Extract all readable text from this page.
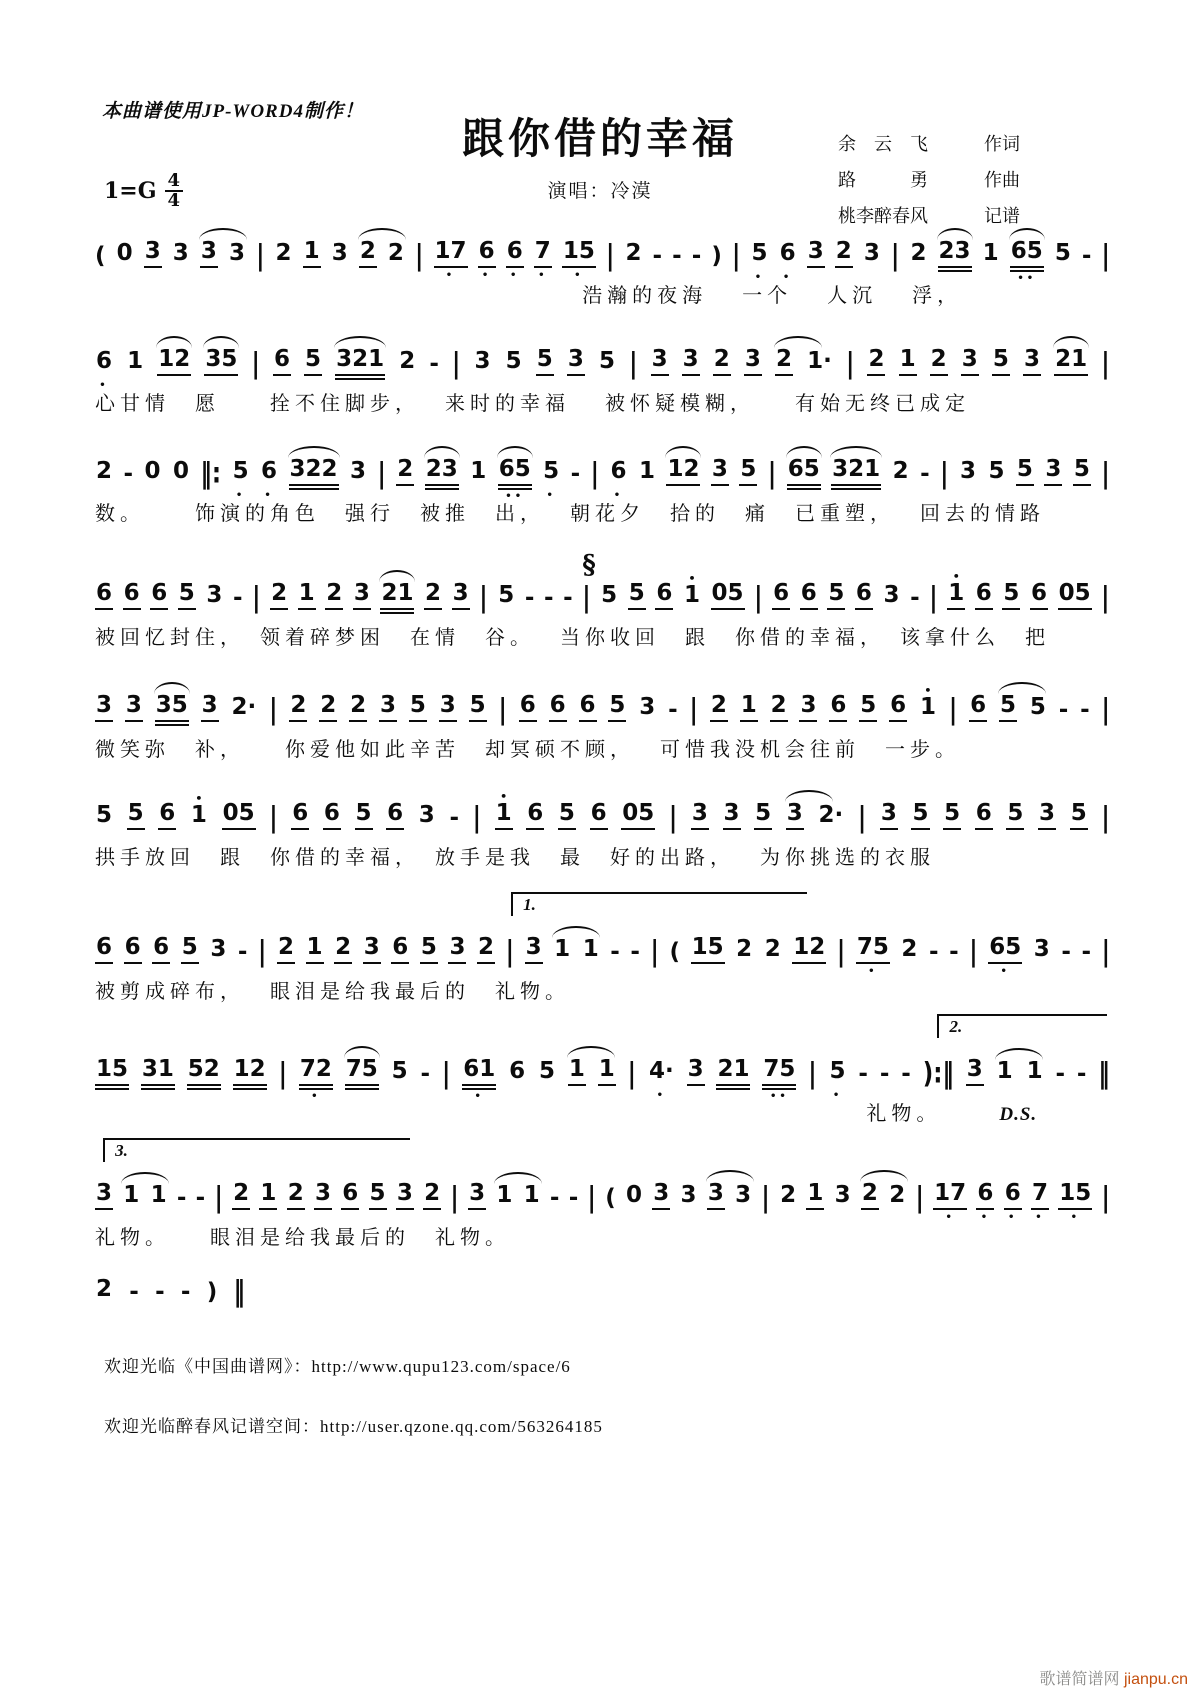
本曲谱使用JP-WORD4制作！
跟你借的幸福
演唱：冷漠
余　云　飞	作词
路　　　勇	作曲
桃李醉春风	记谱
1=G 4
4
( 0 3 3 3 3 | 2 1 3 2 2 | 17
•
6
•
6
•
7
•
15
•
| 2 - - - ) | 5
•
6
•
3 2 3 | 2 23 1 65
••
5 - |
浩瀚的夜海　 一个　 人沉　 浮，
6
•
1 12 35 | 6 5 321 2 - | 3 5 5 3 5 | 3 3 2 3 2 1· | 2 1 2 3 5 3 21 |
心甘情　愿　　拴不住脚步，　 来时的幸福　 被怀疑模糊，　　有始无终已成定
2 - 0 0 ‖: 5
•
6
•
322 3 | 2 23 1 65
••
5
•
- | 6
•
1 12 3 5 | 65 321 2 - | 3 5 5 3 5 |
数。　　 饰演的角色　强行　被推　出，　 朝花夕　拾的　痛　已重塑，　 回去的情路
6 6 6 5 3 - | 2 1 2 3 21 2 3 | 5 - - - | 5 5 6 1
•
05 | 6 6 5 6 3 - | 1
•
6 5 6 05 |
§
被回忆封住，　领着碎梦困　在情　谷。　 当你收回　跟　你借的幸福，　该拿什么　把
3 3 35 3 2· | 2 2 2 3 5 3 5 | 6 6 6 5 3 - | 2 1 2 3 6 5 6 1
•
| 6 5 5 - - |
微笑弥　补，　　你爱他如此辛苦　却冥硕不顾，　 可惜我没机会往前　一步。
5 5 6 1
•
05 | 6 6 5 6 3 - | 1
•
6 5 6 05 | 3 3 5 3 2· | 3 5 5 6 5 3 5 |
拱手放回　跟　你借的幸福，　放手是我　最　好的出路，　 为你挑选的衣服
1.
6 6 6 5 3 - | 2 1 2 3 6 5 3 2 | 3 1 1 - - | ( 15 2 2 12 | 75
•
2 - - | 65
•
3 - - |
被剪成碎布，　 眼泪是给我最后的　礼物。
2.
15 31 52 12 | 72
•
75 5 - | 61
•
6 5 1 1 | 4·
•
3 21 75
••
| 5
•
- - - ):‖ 3 1 1 - - ‖
礼物。	D.S.
3.
3 1 1 - - | 2 1 2 3 6 5 3 2 | 3 1 1 - - | ( 0 3 3 3 3 | 2 1 3 2 2 | 17
•
6
•
6
•
7
•
15
•
|
礼物。　　眼泪是给我最后的　礼物。
2 - - - ) ‖
欢迎光临《中国曲谱网》：http://www.qupu123.com/space/6
欢迎光临醉春风记谱空间：http://user.qzone.qq.com/563264185
歌谱简谱网 jianpu.cn
